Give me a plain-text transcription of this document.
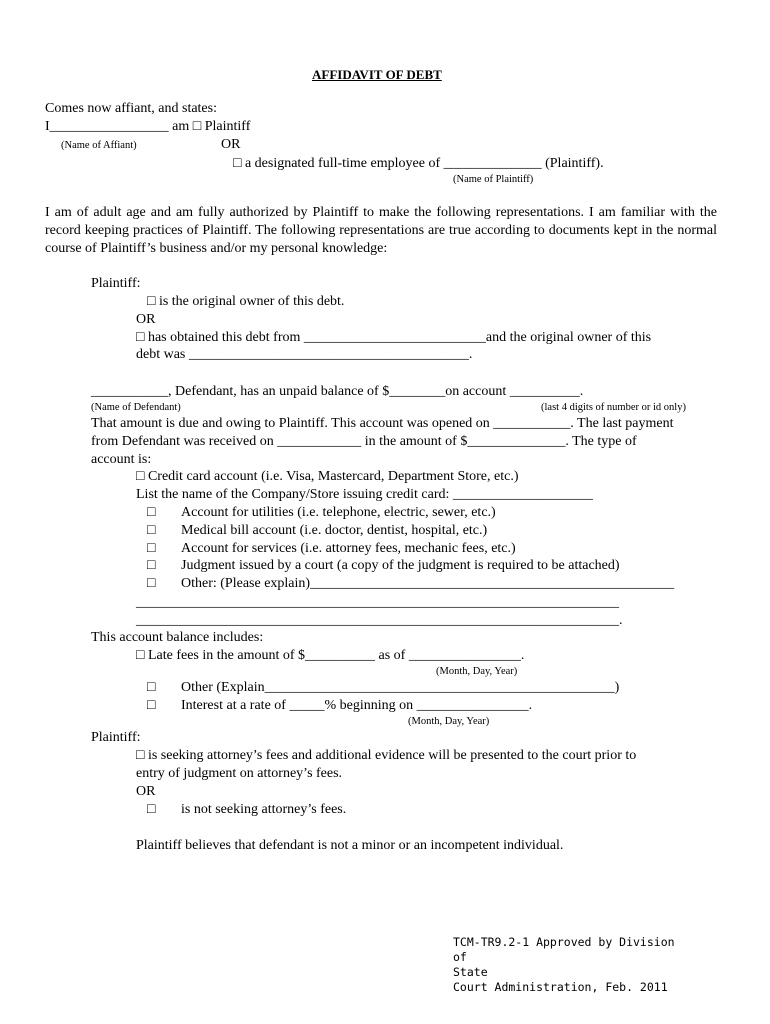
AFFIDAVIT OF DEBT
Comes now affiant, and states:
I_________________ am □ Plaintiff
(Name of Affiant)	OR
□ a designated full-time employee of ______________ (Plaintiff).
(Name of Plaintiff)
I am of adult age and am fully authorized by Plaintiff to make the following representations. I am familiar with the record keeping practices of Plaintiff. The following representations are true according to documents kept in the normal course of Plaintiff’s business and/or my personal knowledge:
Plaintiff:
□ is the original owner of this debt.
OR
□ has obtained this debt from __________________________and the original owner of this
debt was ________________________________________.
___________, Defendant, has an unpaid balance of $________on account __________.
(Name of Defendant)	(last 4 digits of number or id only)
That amount is due and owing to Plaintiff. This account was opened on ___________. The last payment
from Defendant was received on ____________ in the amount of $______________. The type of
account is:
□ Credit card account (i.e. Visa, Mastercard, Department Store, etc.)
List the name of the Company/Store issuing credit card: ____________________
□ Account for utilities (i.e. telephone, electric, sewer, etc.)
□ Medical bill account (i.e. doctor, dentist, hospital, etc.)
□ Account for services (i.e. attorney fees, mechanic fees, etc.)
□ Judgment issued by a court (a copy of the judgment is required to be attached)
□ Other: (Please explain)____________________________________________________
_____________________________________________________________________
_____________________________________________________________________.
This account balance includes:
□ Late fees in the amount of $__________ as of ________________.
(Month, Day, Year)
□ Other (Explain__________________________________________________)
□ Interest at a rate of _____% beginning on ________________.
(Month, Day, Year)
Plaintiff:
□ is seeking attorney’s fees and additional evidence will be presented to the court prior to
entry of judgment on attorney’s fees.
OR
□ is not seeking attorney’s fees.
Plaintiff believes that defendant is not a minor or an incompetent individual.
TCM-TR9.2-1 Approved by Division of
State
Court Administration, Feb. 2011
